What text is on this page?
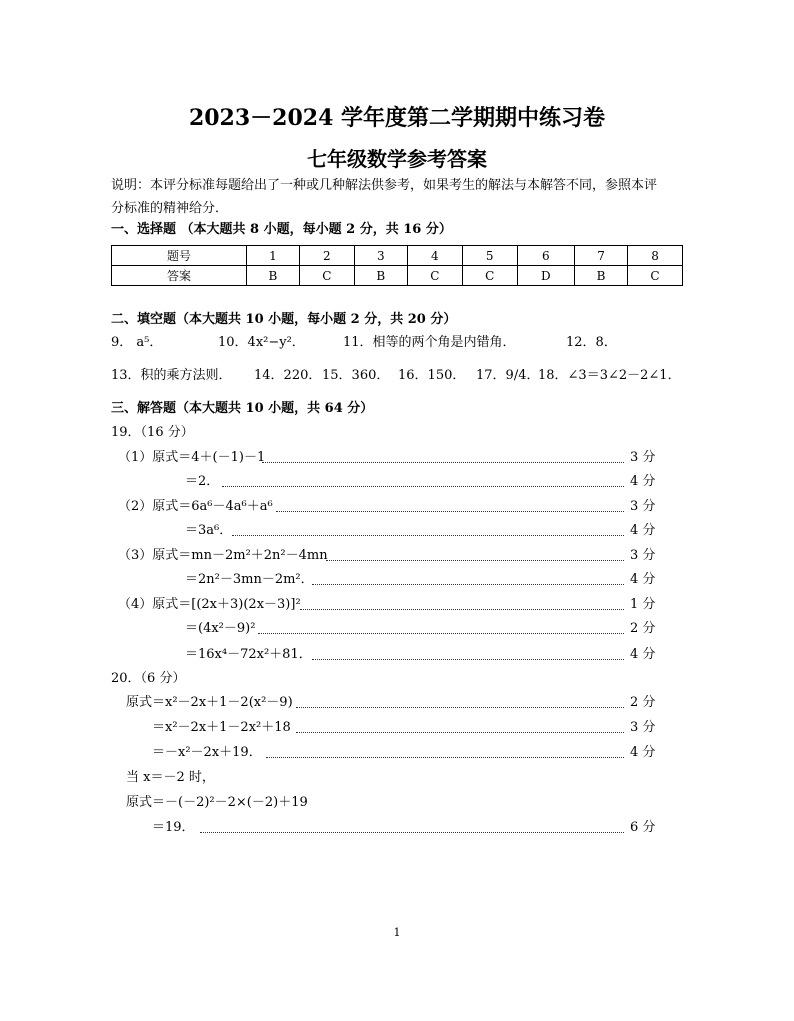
2023－2024 学年度第二学期期中练习卷
七年级数学参考答案
说明：本评分标准每题给出了一种或几种解法供参考，如果考生的解法与本解答不同，参照本评
分标准的精神给分．
一、选择题 （本大题共 8 小题，每小题 2 分，共 16 分）
题号	1	2	3	4	5	6	7	8
答案	B	C	B	C	C	D	B	C
二、填空题（本大题共 10 小题，每小题 2 分，共 20 分）
9． a⁵．	10．4x²−y²．	11．相等的两个角是内错角．	12．8．
13．积的乘方法则． 14．220． 15．360． 16．150． 17．9/4．
18．∠3＝3∠2－2∠1．
三、解答题（本大题共 10 小题，共 64 分）
19．（16 分）
（1）原式＝4＋(－1)－1	3 分
＝2．	4 分
（2）原式＝6a⁶－4a⁶＋a⁶	3 分
＝3a⁶．	4 分
（3）原式＝mn－2m²＋2n²－4mn	3 分
＝2n²－3mn－2m²．	4 分
（4）原式＝[(2x＋3)(2x－3)]²	1 分
＝(4x²－9)²	2 分
＝16x⁴－72x²＋81．	4 分
20．（6 分）
原式＝x²－2x＋1－2(x²－9)	2 分
＝x²－2x＋1－2x²＋18	3 分
＝－x²－2x＋19．	4 分
当 x＝－2 时，
原式＝－(－2)²－2×(－2)＋19
＝19．	6 分
1
